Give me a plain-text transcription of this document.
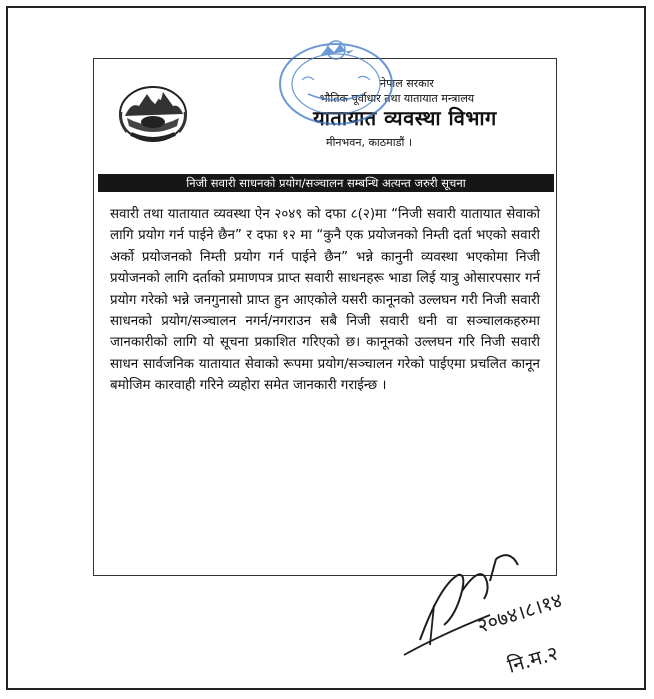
नेपाल सरकार
भौतिक पूर्वाधार तथा यातायात मन्त्रालय
यातायात व्यवस्था विभाग
मीनभवन, काठमाडौं ।
निजी सवारी साधनको प्रयोग/सञ्चालन सम्बन्धि अत्यन्त जरुरी सूचना
सवारी तथा यातायात व्यवस्था ऐन २०४९ को दफा ८(२)मा “निजी सवारी यातायात सेवाको लागि प्रयोग गर्न पाईने छैन” र दफा १२ मा “कुनै एक प्रयोजनको निम्ती दर्ता भएको सवारी अर्को प्रयोजनको निम्ती प्रयोग गर्न पाईने छैन” भन्ने कानुनी व्यवस्था भएकोमा निजी प्रयोजनको लागि दर्ताको प्रमाणपत्र प्राप्त सवारी साधनहरू भाडा लिई यात्रु ओसारपसार गर्न प्रयोग गरेको भन्ने जनगुनासो प्राप्त हुन आएकोले यसरी कानूनको उल्लघन गरी निजी सवारी साधनको प्रयोग/सञ्चालन नगर्न/नगराउन सबै निजी सवारी धनी वा सञ्चालकहरुमा जानकारीको लागि यो सूचना प्रकाशित गरिएको छ। कानूनको उल्लघन गरि निजी सवारी साधन सार्वजनिक यातायात सेवाको रूपमा प्रयोग/सञ्चालन गरेको पाईएमा प्रचलित कानून बमोजिम कारवाही गरिने व्यहोरा समेत जानकारी गराईन्छ ।
२०७४।८।१४
नि.म.२
